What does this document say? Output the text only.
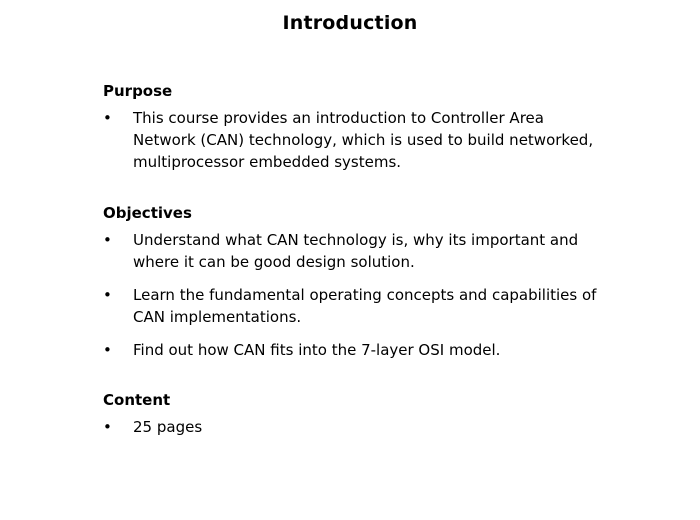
Introduction
Purpose
•	This course provides an introduction to Controller Area Network (CAN) technology, which is used to build networked, multiprocessor embedded systems.
Objectives
•	Understand what CAN technology is, why its important and where it can be good design solution.
•	Learn the fundamental operating concepts and capabilities of CAN implementations.
•	Find out how CAN fits into the 7-layer OSI model.
Content
•	25 pages
